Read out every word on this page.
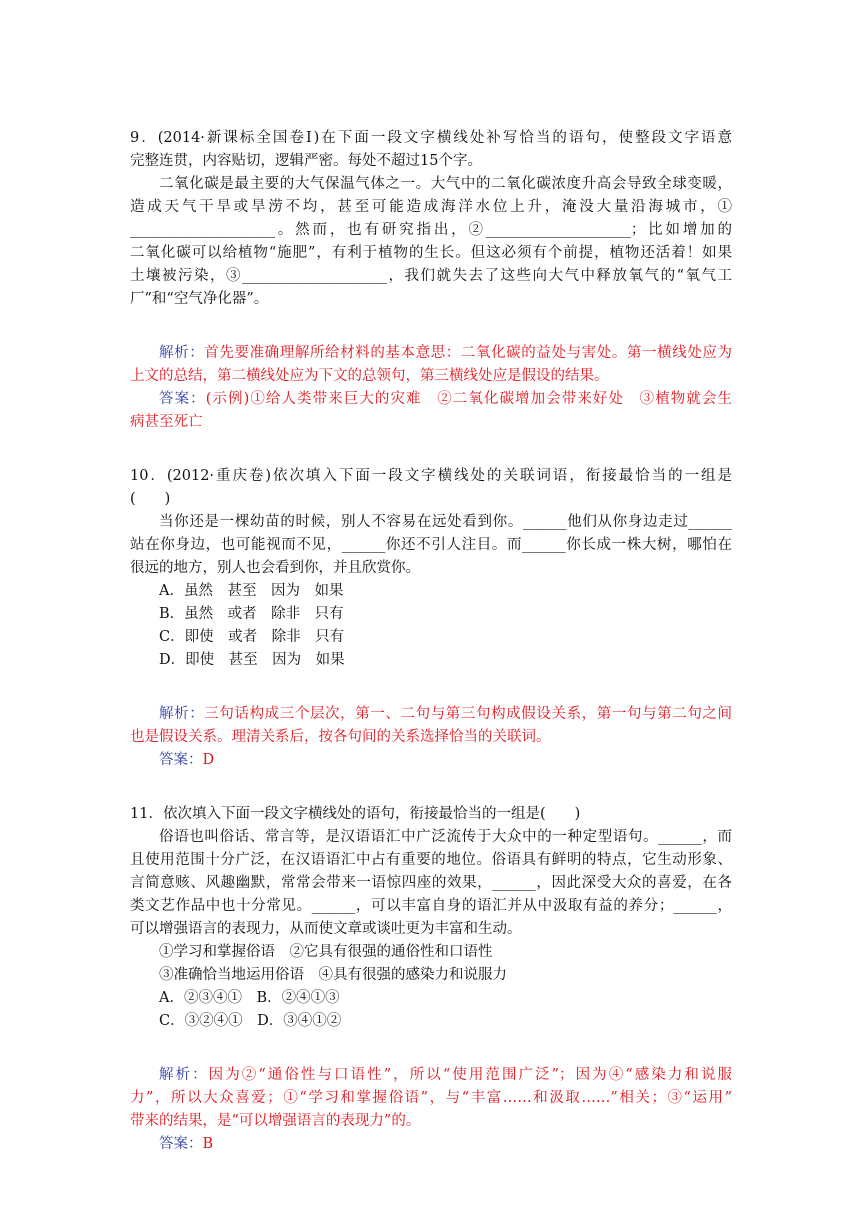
9．(2014·新课标全国卷Ⅰ)在下面一段文字横线处补写恰当的语句，使整段文字语意
完整连贯，内容贴切，逻辑严密。每处不超过15个字。
二氧化碳是最主要的大气保温气体之一。大气中的二氧化碳浓度升高会导致全球变暖，
造成天气干旱或旱涝不均，甚至可能造成海洋水位上升，淹没大量沿海城市，①
____________________。然而，也有研究指出，②____________________；比如增加的
二氧化碳可以给植物“施肥”，有利于植物的生长。但这必须有个前提，植物还活着！如果
土壤被污染，③____________________，我们就失去了这些向大气中释放氧气的“氧气工
厂”和“空气净化器”。
解析：首先要准确理解所给材料的基本意思：二氧化碳的益处与害处。第一横线处应为
上文的总结，第二横线处应为下文的总领句，第三横线处应是假设的结果。
答案：(示例)①给人类带来巨大的灾难　②二氧化碳增加会带来好处　③植物就会生
病甚至死亡
10．(2012·重庆卷)依次填入下面一段文字横线处的关联词语，衔接最恰当的一组是
(　　)
当你还是一棵幼苗的时候，别人不容易在远处看到你。______他们从你身边走过______
站在你身边，也可能视而不见，______你还不引人注目。而______你长成一株大树，哪怕在
很远的地方，别人也会看到你，并且欣赏你。
A．虽然　甚至　因为　如果
B．虽然　或者　除非　只有
C．即使　或者　除非　只有
D．即使　甚至　因为　如果
解析：三句话构成三个层次，第一、二句与第三句构成假设关系，第一句与第二句之间
也是假设关系。理清关系后，按各句间的关系选择恰当的关联词。
答案：D
11．依次填入下面一段文字横线处的语句，衔接最恰当的一组是(　　)
俗语也叫俗话、常言等，是汉语语汇中广泛流传于大众中的一种定型语句。______，而
且使用范围十分广泛，在汉语语汇中占有重要的地位。俗语具有鲜明的特点，它生动形象、
言简意赅、风趣幽默，常常会带来一语惊四座的效果，______，因此深受大众的喜爱，在各
类文艺作品中也十分常见。______，可以丰富自身的语汇并从中汲取有益的养分；______，
可以增强语言的表现力，从而使文章或谈吐更为丰富和生动。
①学习和掌握俗语　②它具有很强的通俗性和口语性
③准确恰当地运用俗语　④具有很强的感染力和说服力
A．②③④①　B．②④①③
C．③②④①　D．③④①②
解析：因为②“通俗性与口语性”，所以“使用范围广泛”；因为④“感染力和说服
力”，所以大众喜爱；①“学习和掌握俗语”，与“丰富……和汲取……”相关；③“运用”
带来的结果，是“可以增强语言的表现力”的。
答案：B
